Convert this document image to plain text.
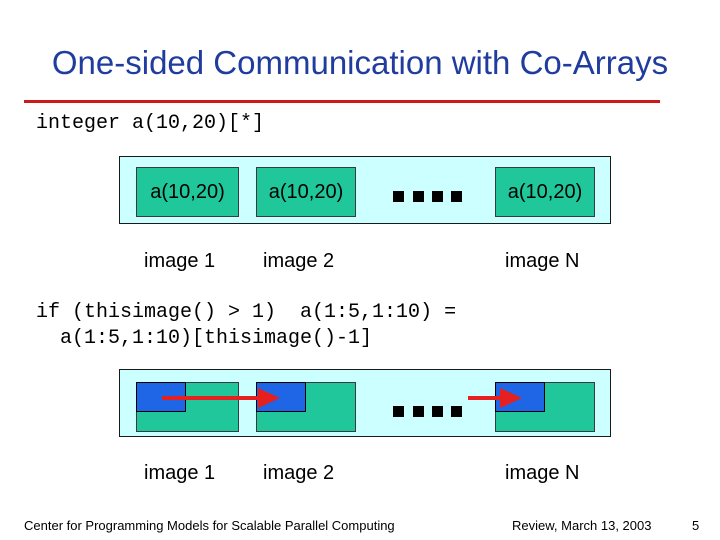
One-sided Communication with Co-Arrays
integer a(10,20)[*]
a(10,20)	a(10,20)	a(10,20)
image 1 image 2	image N
if (thisimage() > 1)  a(1:5,1:10) =
a(1:5,1:10)[thisimage()-1]
image 1 image 2	image N
Center for Programming Models for Scalable Parallel Computing	Review, March 13, 2003	5
